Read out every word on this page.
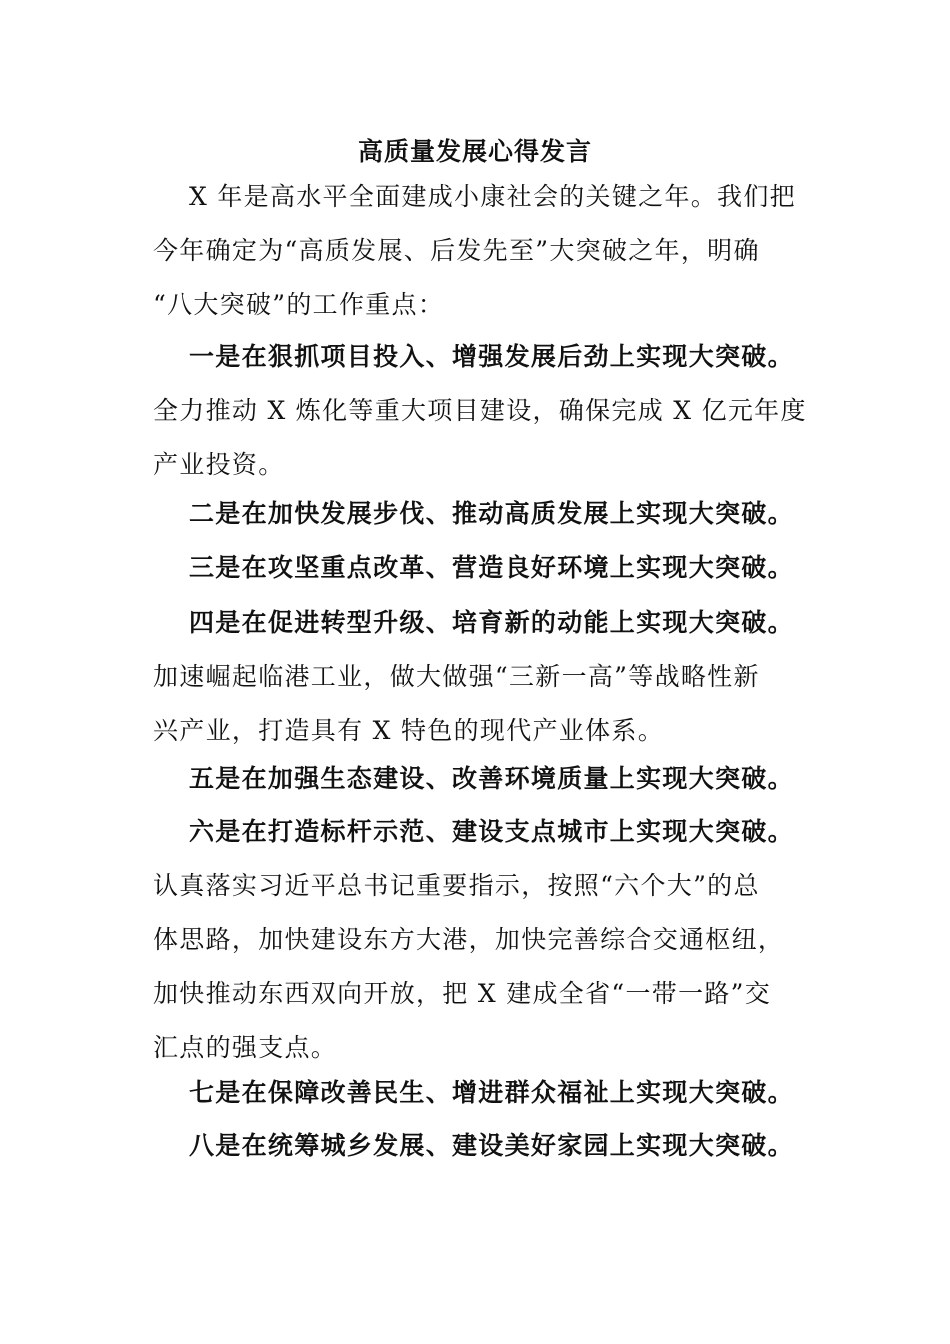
高质量发展心得发言
X 年是高水平全面建成小康社会的关键之年。我们把
今年确定为“高质发展、后发先至”大突破之年，明确
“八大突破”的工作重点：
一是在狠抓项目投入、增强发展后劲上实现大突破。
全力推动 X 炼化等重大项目建设，确保完成 X 亿元年度
产业投资。
二是在加快发展步伐、推动高质发展上实现大突破。
三是在攻坚重点改革、营造良好环境上实现大突破。
四是在促进转型升级、培育新的动能上实现大突破。
加速崛起临港工业，做大做强“三新一高”等战略性新
兴产业，打造具有 X 特色的现代产业体系。
五是在加强生态建设、改善环境质量上实现大突破。
六是在打造标杆示范、建设支点城市上实现大突破。
认真落实习近平总书记重要指示，按照“六个大”的总
体思路，加快建设东方大港，加快完善综合交通枢纽，
加快推动东西双向开放，把 X 建成全省“一带一路”交
汇点的强支点。
七是在保障改善民生、增进群众福祉上实现大突破。
八是在统筹城乡发展、建设美好家园上实现大突破。
